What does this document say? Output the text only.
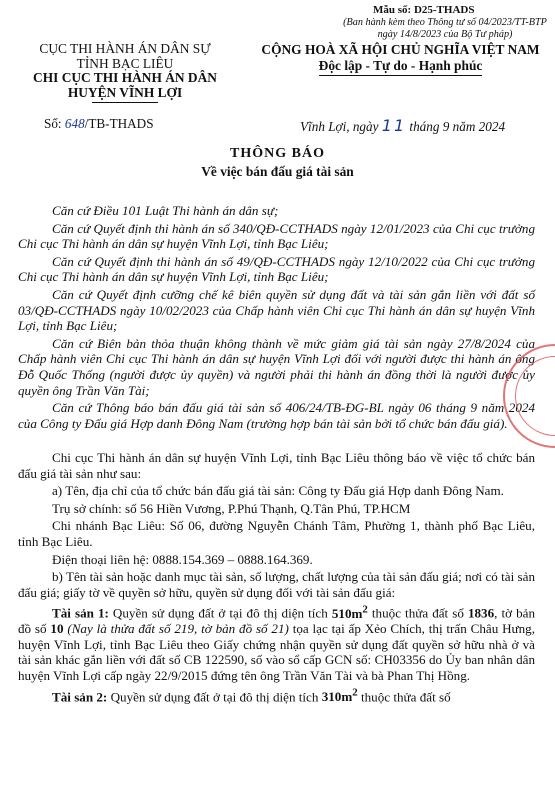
Mẫu số: D25-THADS
(Ban hành kèm theo Thông tư số 04/2023/TT-BTP
ngày 14/8/2023 của Bộ Tư pháp)
CỤC THI HÀNH ÁN DÂN SỰ
TỈNH BẠC LIÊU
CHI CỤC THI HÀNH ÁN DÂN
HUYỆN VĨNH LỢI
CỘNG HOÀ XÃ HỘI CHỦ NGHĨA VIỆT NAM
Độc lập - Tự do - Hạnh phúc
Số: 648/TB-THADS	Vĩnh Lợi, ngày 11 tháng 9 năm 2024
THÔNG BÁO
Về việc bán đấu giá tài sản

Căn cứ Điều 101 Luật Thi hành án dân sự;

Căn cứ Quyết định thi hành án số 340/QĐ-CCTHADS ngày 12/01/2023 của Chi cục trưởng Chi cục Thi hành án dân sự huyện Vĩnh Lợi, tỉnh Bạc Liêu;

Căn cứ Quyết định thi hành án số 49/QĐ-CCTHADS ngày 12/10/2022 của Chi cục trưởng Chi cục Thi hành án dân sự huyện Vĩnh Lợi, tỉnh Bạc Liêu;

Căn cứ Quyết định cưỡng chế kê biên quyền sử dụng đất và tài sản gắn liền với đất số 03/QĐ-CCTHADS ngày 10/02/2023 của Chấp hành viên Chi cục Thi hành án dân sự huyện Vĩnh Lợi, tỉnh Bạc Liêu;

Căn cứ Biên bản thỏa thuận không thành về mức giảm giá tài sản ngày 27/8/2024 của Chấp hành viên Chi cục Thi hành án dân sự huyện Vĩnh Lợi đối với người được thi hành án ông Đỗ Quốc Thống (người được ủy quyền) và người phải thi hành án đồng thời là người được ủy quyền ông Trần Văn Tài;

Căn cứ Thông báo bán đấu giá tài sản số 406/24/TB-ĐG-BL ngày 06 tháng 9 năm 2024 của Công ty Đấu giá Hợp danh Đông Nam (trường hợp bán tài sản bởi tổ chức bán đấu giá).

Chi cục Thi hành án dân sự huyện Vĩnh Lợi, tỉnh Bạc Liêu thông báo về việc tổ chức bán đấu giá tài sản như sau:

a) Tên, địa chỉ của tổ chức bán đấu giá tài sản: Công ty Đấu giá Hợp danh Đông Nam.

Trụ sở chính: số 56 Hiền Vương, P.Phú Thạnh, Q.Tân Phú, TP.HCM

Chi nhánh Bạc Liêu: Số 06, đường Nguyễn Chánh Tâm, Phường 1, thành phố Bạc Liêu, tỉnh Bạc Liêu.

Điện thoại liên hệ: 0888.154.369 – 0888.164.369.

b) Tên tài sản hoặc danh mục tài sản, số lượng, chất lượng của tài sản đấu giá; nơi có tài sản đấu giá; giấy tờ về quyền sở hữu, quyền sử dụng đối với tài sản đấu giá:

Tài sản 1: Quyền sử dụng đất ở tại đô thị diện tích $510m^2$ thuộc thửa đất số 1836, tờ bản đồ số 10 (Nay là thửa đất số 219, tờ bản đồ số 21) tọa lạc tại ấp Xẻo Chích, thị trấn Châu Hưng, huyện Vĩnh Lợi, tỉnh Bạc Liêu theo Giấy chứng nhận quyền sử dụng đất quyền sở hữu nhà ở và tài sản khác gắn liền với đất số CB 122590, số vào sổ cấp GCN số: CH03356 do Ủy ban nhân dân huyện Vĩnh Lợi cấp ngày 22/9/2015 đứng tên ông Trần Văn Tài và bà Phan Thị Hồng.

Tài sản 2: Quyền sử dụng đất ở tại đô thị diện tích $310m^2$ thuộc thửa đất số
